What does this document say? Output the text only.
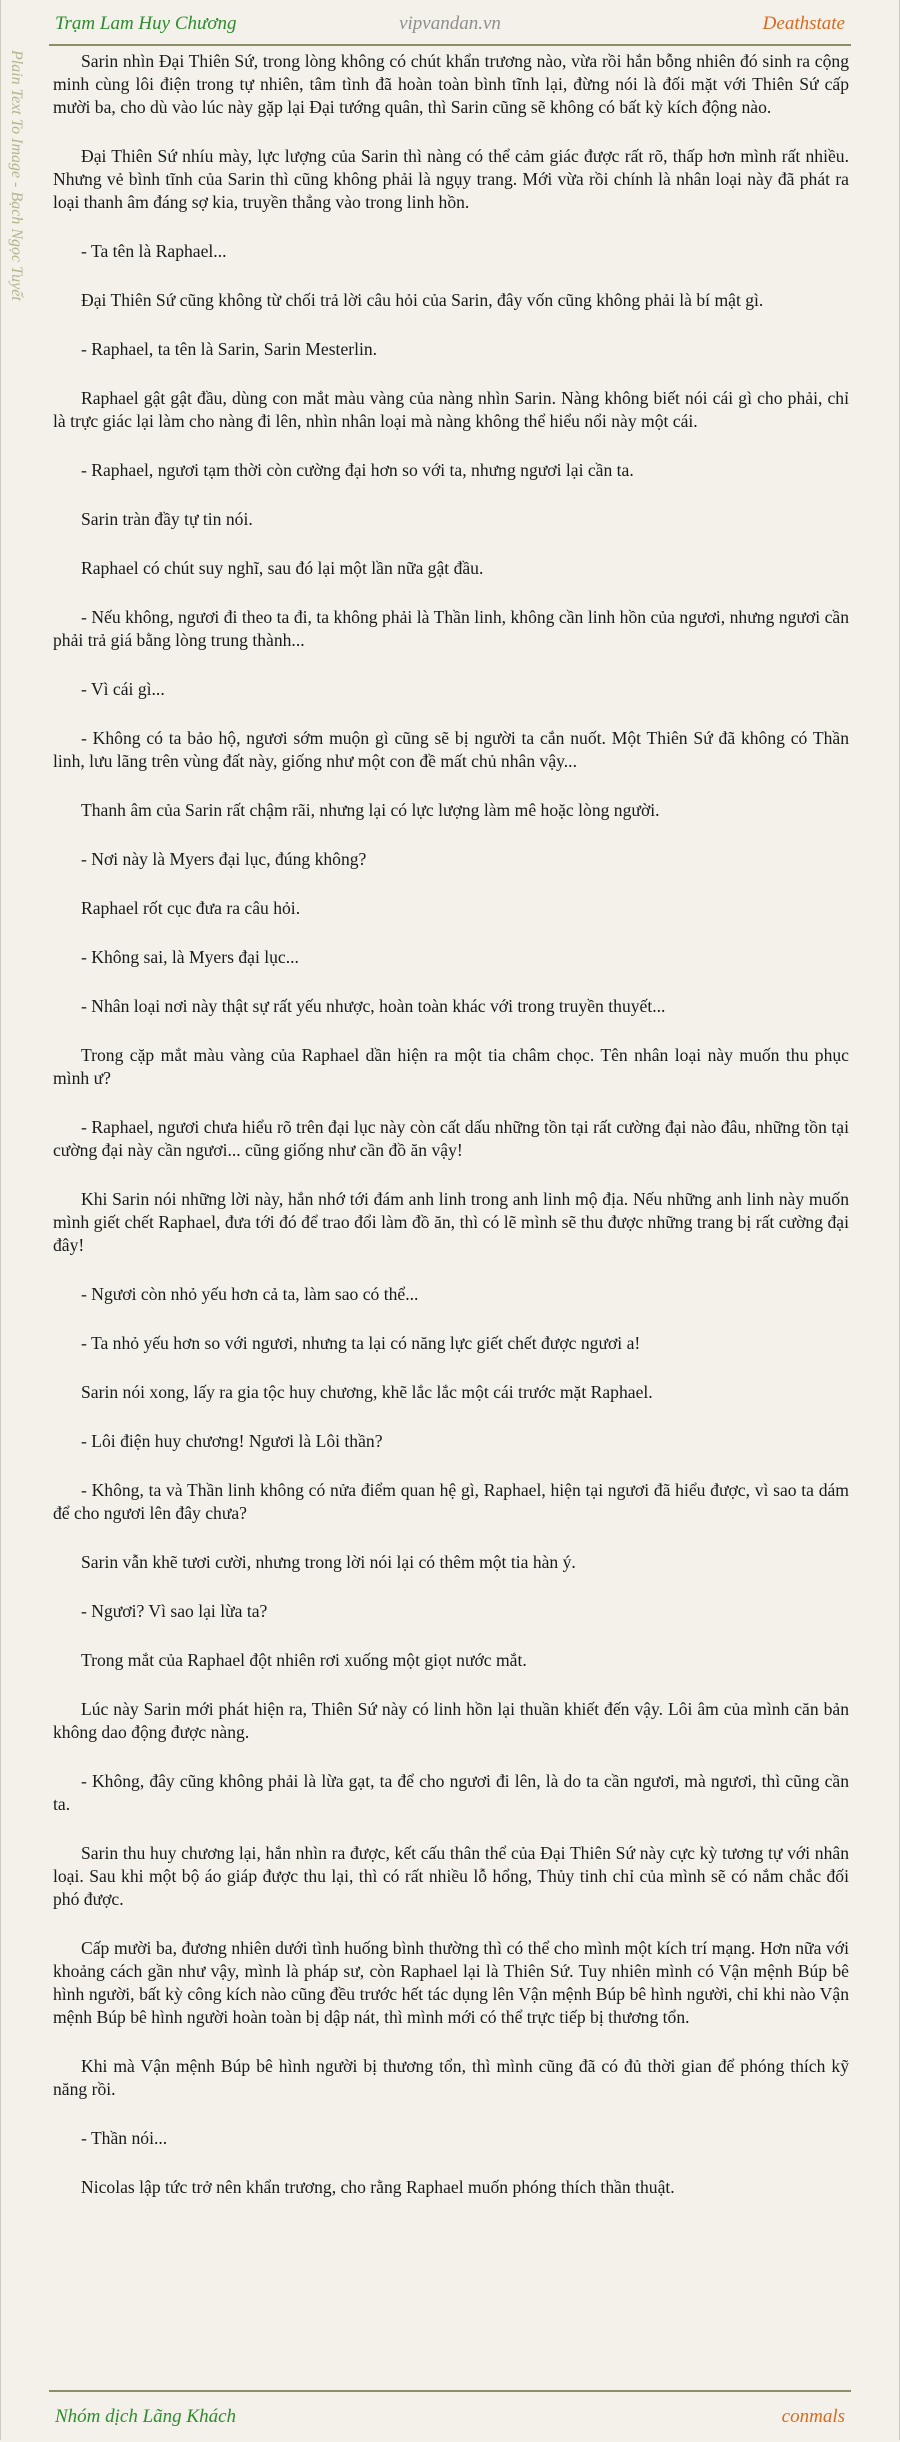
Trạm Lam Huy Chương	vipvandan.vn	Deathstate
Plain Text To Image - Bạch Ngọc Tuyết	Sarin nhìn Đại Thiên Sứ, trong lòng không có chút khẩn trương nào, vừa rồi hắn bỗng nhiên đó sinh ra cộng minh cùng lôi điện trong tự nhiên, tâm tình đã hoàn toàn bình tĩnh lại, đừng nói là đối mặt với Thiên Sứ cấp mười ba, cho dù vào lúc này gặp lại Đại tướng quân, thì Sarin cũng sẽ không có bất kỳ kích động nào.

Đại Thiên Sứ nhíu mày, lực lượng của Sarin thì nàng có thể cảm giác được rất rõ, thấp hơn mình rất nhiều. Nhưng vẻ bình tĩnh của Sarin thì cũng không phải là ngụy trang. Mới vừa rồi chính là nhân loại này đã phát ra loại thanh âm đáng sợ kia, truyền thẳng vào trong linh hồn.

- Ta tên là Raphael...

Đại Thiên Sứ cũng không từ chối trả lời câu hỏi của Sarin, đây vốn cũng không phải là bí mật gì.

- Raphael, ta tên là Sarin, Sarin Mesterlin.

Raphael gật gật đầu, dùng con mắt màu vàng của nàng nhìn Sarin. Nàng không biết nói cái gì cho phải, chỉ là trực giác lại làm cho nàng đi lên, nhìn nhân loại mà nàng không thể hiểu nổi này một cái.

- Raphael, ngươi tạm thời còn cường đại hơn so với ta, nhưng ngươi lại cần ta.

Sarin tràn đầy tự tin nói.

Raphael có chút suy nghĩ, sau đó lại một lần nữa gật đầu.

- Nếu không, ngươi đi theo ta đi, ta không phải là Thần linh, không cần linh hồn của ngươi, nhưng ngươi cần phải trả giá bằng lòng trung thành...

- Vì cái gì...

- Không có ta bảo hộ, ngươi sớm muộn gì cũng sẽ bị người ta cắn nuốt. Một Thiên Sứ đã không có Thần linh, lưu lãng trên vùng đất này, giống như một con đề mất chủ nhân vậy...

Thanh âm của Sarin rất chậm rãi, nhưng lại có lực lượng làm mê hoặc lòng người.

- Nơi này là Myers đại lục, đúng không?

Raphael rốt cục đưa ra câu hỏi.

- Không sai, là Myers đại lục...

- Nhân loại nơi này thật sự rất yếu nhược, hoàn toàn khác với trong truyền thuyết...

Trong cặp mắt màu vàng của Raphael dần hiện ra một tia châm chọc. Tên nhân loại này muốn thu phục mình ư?

- Raphael, ngươi chưa hiểu rõ trên đại lục này còn cất dấu những tồn tại rất cường đại nào đâu, những tồn tại cường đại này cần ngươi... cũng giống như cần đồ ăn vậy!

Khi Sarin nói những lời này, hắn nhớ tới đám anh linh trong anh linh mộ địa. Nếu những anh linh này muốn mình giết chết Raphael, đưa tới đó để trao đổi làm đồ ăn, thì có lẽ mình sẽ thu được những trang bị rất cường đại đây!

- Ngươi còn nhỏ yếu hơn cả ta, làm sao có thể...

- Ta nhỏ yếu hơn so với ngươi, nhưng ta lại có năng lực giết chết được ngươi a!

Sarin nói xong, lấy ra gia tộc huy chương, khẽ lắc lắc một cái trước mặt Raphael.

- Lôi điện huy chương! Ngươi là Lôi thần?

- Không, ta và Thần linh không có nửa điểm quan hệ gì, Raphael, hiện tại ngươi đã hiểu được, vì sao ta dám để cho ngươi lên đây chưa?

Sarin vẫn khẽ tươi cười, nhưng trong lời nói lại có thêm một tia hàn ý.

- Ngươi? Vì sao lại lừa ta?

Trong mắt của Raphael đột nhiên rơi xuống một giọt nước mắt.

Lúc này Sarin mới phát hiện ra, Thiên Sứ này có linh hồn lại thuần khiết đến vậy. Lôi âm của mình căn bản không dao động được nàng.

- Không, đây cũng không phải là lừa gạt, ta để cho ngươi đi lên, là do ta cần ngươi, mà ngươi, thì cũng cần ta.

Sarin thu huy chương lại, hắn nhìn ra được, kết cấu thân thể của Đại Thiên Sứ này cực kỳ tương tự với nhân loại. Sau khi một bộ áo giáp được thu lại, thì có rất nhiều lỗ hổng, Thủy tinh chỉ của mình sẽ có nắm chắc đối phó được.

Cấp mười ba, đương nhiên dưới tình huống bình thường thì có thể cho mình một kích trí mạng. Hơn nữa với khoảng cách gần như vậy, mình là pháp sư, còn Raphael lại là Thiên Sứ. Tuy nhiên mình có Vận mệnh Búp bê hình người, bất kỳ công kích nào cũng đều trước hết tác dụng lên Vận mệnh Búp bê hình người, chỉ khi nào Vận mệnh Búp bê hình người hoàn toàn bị dập nát, thì mình mới có thể trực tiếp bị thương tổn.

Khi mà Vận mệnh Búp bê hình người bị thương tổn, thì mình cũng đã có đủ thời gian để phóng thích kỹ năng rồi.

- Thần nói...

Nicolas lập tức trở nên khẩn trương, cho rằng Raphael muốn phóng thích thần thuật.

Nhóm dịch Lãng Khách	conmals
